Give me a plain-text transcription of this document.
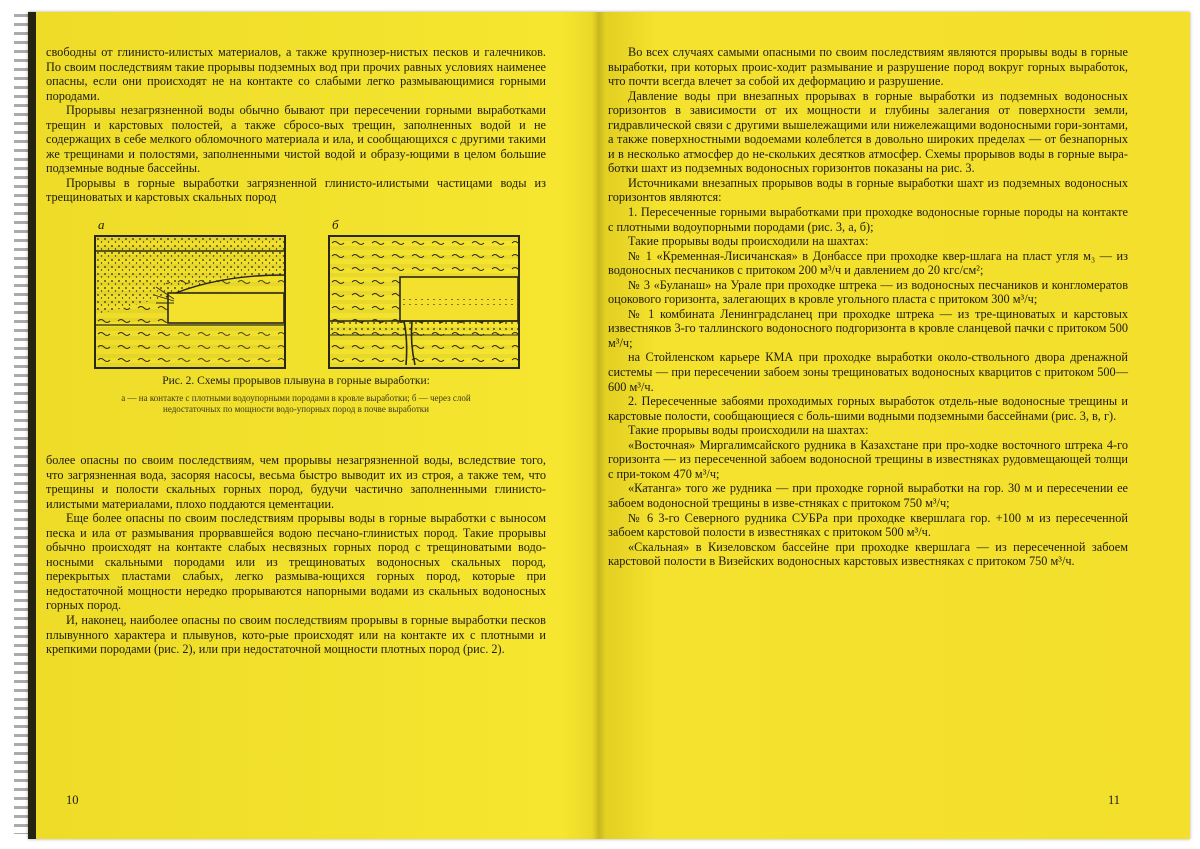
свободны от глинисто-илистых материалов, а также крупнозер-нистых песков и галечников. По своим последствиям такие прорывы подземных вод при прочих равных условиях наименее опасны, если они происходят не на контакте со слабыми легко размывающимися горными породами.

Прорывы незагрязненной воды обычно бывают при пересечении горными выработками трещин и карстовых полостей, а также сбросо-вых трещин, заполненных водой и не содержащих в себе мелкого обломочного материала и ила, и сообщающихся с другими такими же трещинами и полостями, заполненными чистой водой и образу-ющими в целом большие подземные водные бассейны.

Прорывы в горные выработки загрязненной глинисто-илистыми частицами воды из трещиноватых и карстовых скальных пород

а	б
Рис. 2. Схемы прорывов плывуна в горные выработки:
а — на контакте с плотными водоупорными породами в кровле выработки; б — через слой недостаточных по мощности водо-упорных пород в почве выработки

более опасны по своим последствиям, чем прорывы незагрязненной воды, вследствие того, что загрязненная вода, засоряя насосы, весьма быстро выводит их из строя, а также тем, что трещины и полости скальных горных пород, будучи частично заполненными глинисто-илистыми материалами, плохо поддаются цементации.

Еще более опасны по своим последствиям прорывы воды в горные выработки с выносом песка и ила от размывания прорвавшейся водою песчано-глинистых пород. Такие прорывы обычно происходят на контакте слабых несвязных горных пород с трещиноватыми водо-носными скальными породами или из трещиноватых водоносных скальных пород, перекрытых пластами слабых, легко размыва-ющихся горных пород, которые при недостаточной мощности нередко прорываются напорными водами из скальных водоносных горных пород.

И, наконец, наиболее опасны по своим последствиям прорывы в горные выработки песков плывунного характера и плывунов, кото-рые происходят или на контакте их с плотными и крепкими породами (рис. 2), или при недостаточной мощности плотных пород (рис. 2).

10

Во всех случаях самыми опасными по своим последствиям являются прорывы воды в горные выработки, при которых проис-ходит размывание и разрушение пород вокруг горных выработок, что почти всегда влечет за собой их деформацию и разрушение.

Давление воды при внезапных прорывах в горные выработки из подземных водоносных горизонтов в зависимости от их мощности и глубины залегания от поверхности земли, гидравлической связи с другими вышележащими или нижележащими водоносными гори-зонтами, а также поверхностными водоемами колеблется в довольно широких пределах — от безнапорных и в несколько атмосфер до не-скольких десятков атмосфер. Схемы прорывов воды в горные выра-ботки шахт из подземных водоносных горизонтов показаны на рис. 3.

Источниками внезапных прорывов воды в горные выработки шахт из подземных водоносных горизонтов являются:

1. Пересеченные горными выработками при проходке водоносные горные породы на контакте с плотными водоупорными породами (рис. 3, а, б);

Такие прорывы воды происходили на шахтах:

№ 1 «Кременная-Лисичанская» в Донбассе при проходке квер-шлага на пласт угля м₃ — из водоносных песчаников с притоком 200 м³/ч и давлением до 20 кгс/см²;

№ 3 «Буланаш» на Урале при проходке штрека — из водоносных песчаников и конгломератов оцокового горизонта, залегающих в кровле угольного пласта с притоком 300 м³/ч;

№ 1 комбината Ленинградсланец при проходке штрека — из тре-щиноватых и карстовых известняков 3-го таллинского водоносного подгоризонта в кровле сланцевой пачки с притоком 500 м³/ч;

на Стойленском карьере КМА при проходке выработки около-ствольного двора дренажной системы — при пересечении забоем зоны трещиноватых водоносных кварцитов с притоком 500—600 м³/ч.

2. Пересеченные забоями проходимых горных выработок отдель-ные водоносные трещины и карстовые полости, сообщающиеся с боль-шими водными подземными бассейнами (рис. 3, в, г).

Такие прорывы воды происходили на шахтах:

«Восточная» Миргалимсайского рудника в Казахстане при про-ходке восточного штрека 4-го горизонта — из пересеченной забоем водоносной трещины в известняках рудовмещающей толщи с при-током 470 м³/ч;

«Катанга» того же рудника — при проходке горной выработки на гор. 30 м и пересечении ее забоем водоносной трещины в изве-стняках с притоком 750 м³/ч;

№ 6 3-го Северного рудника СУБРа при проходке квершлага гор. +100 м из пересеченной забоем карстовой полости в известняках с притоком 500 м³/ч.

«Скальная» в Кизеловском бассейне при проходке квершлага — из пересеченной забоем карстовой полости в Визейских водоносных карстовых известняках с притоком 750 м³/ч.

11
